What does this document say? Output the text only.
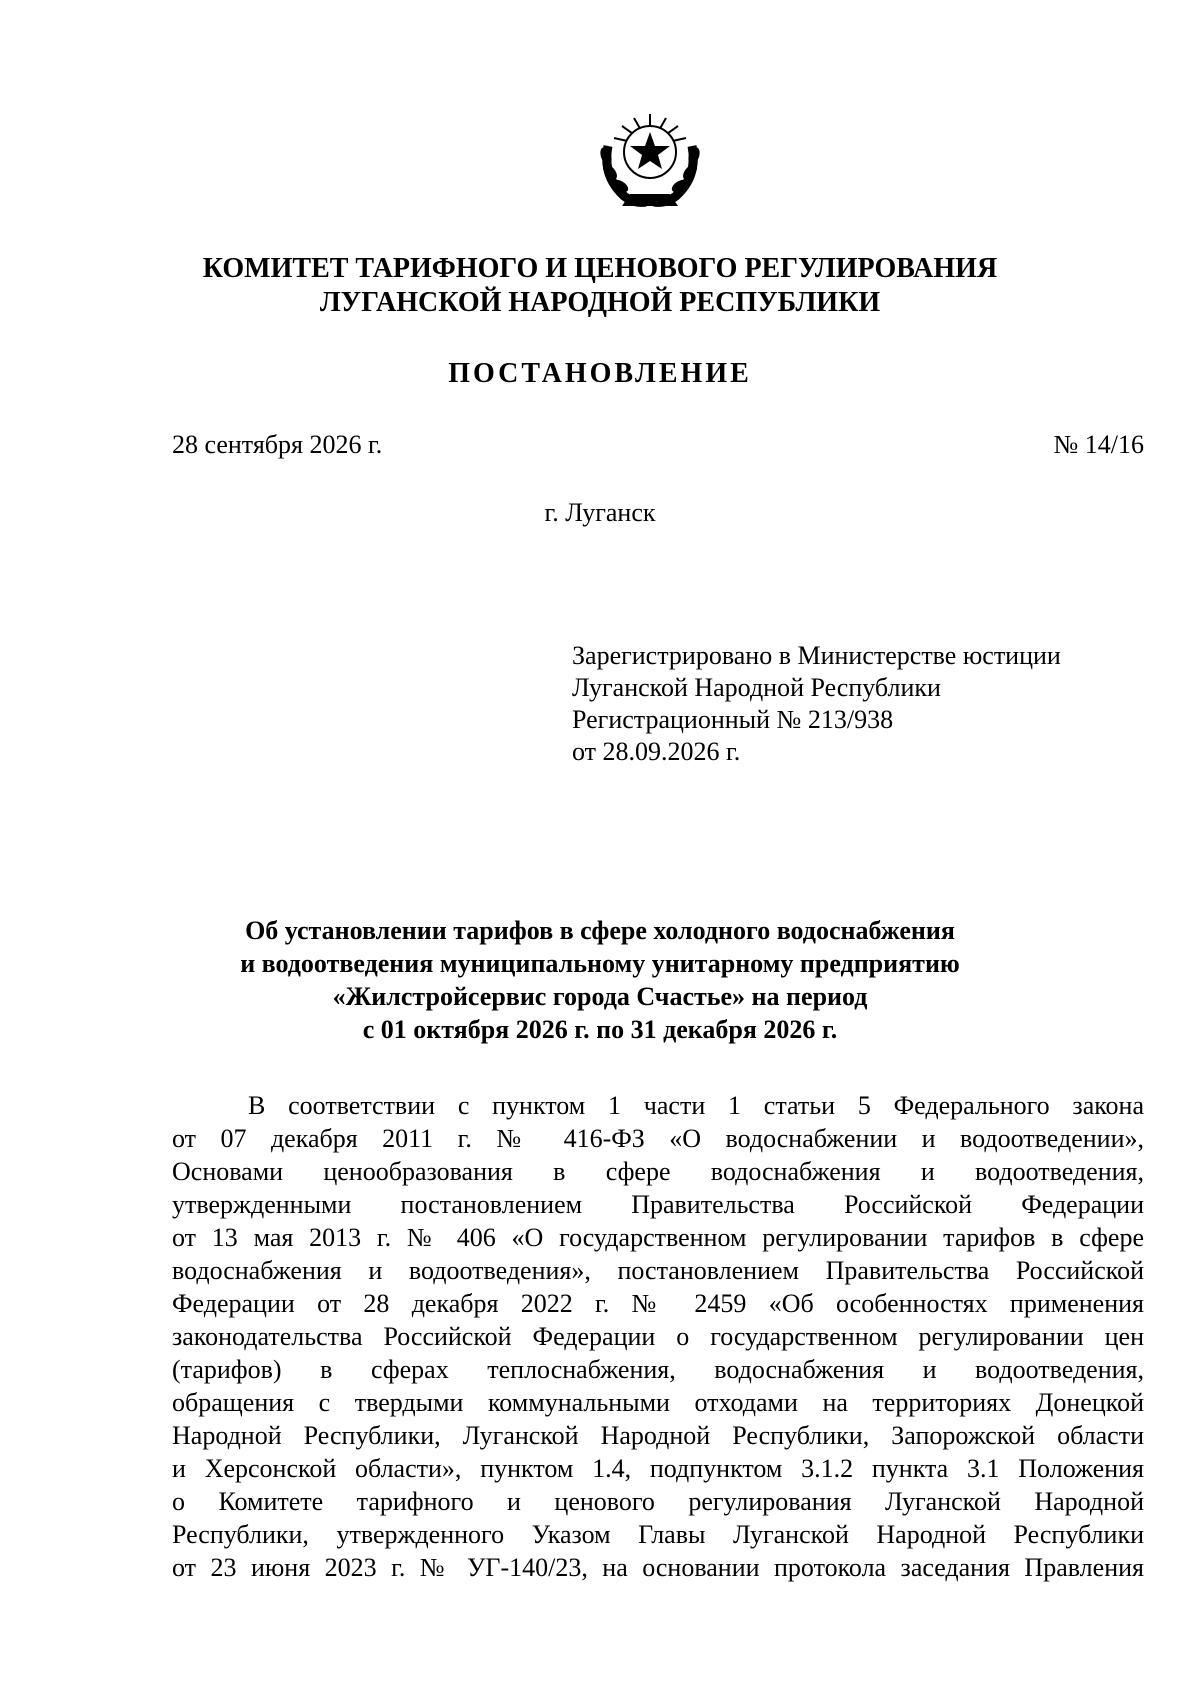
КОМИТЕТ ТАРИФНОГО И ЦЕНОВОГО РЕГУЛИРОВАНИЯ
ЛУГАНСКОЙ НАРОДНОЙ РЕСПУБЛИКИ
ПОСТАНОВЛЕНИЕ
28 сентября 2026 г.	№ 14/16
г. Луганск
Зарегистрировано в Министерстве юстиции
Луганской Народной Республики
Регистрационный № 213/938
от 28.09.2026 г.
Об установлении тарифов в сфере холодного водоснабжения
и водоотведения муниципальному унитарному предприятию
«Жилстройсервис города Счастье» на период
с 01 октября 2026 г. по 31 декабря 2026 г.
В соответствии с пунктом 1 части 1 статьи 5 Федерального закона
от 07 декабря 2011 г. № 416-ФЗ «О водоснабжении и водоотведении»,
Основами ценообразования в сфере водоснабжения и водоотведения,
утвержденными постановлением Правительства Российской Федерации
от 13 мая 2013 г. № 406 «О государственном регулировании тарифов в сфере
водоснабжения и водоотведения», постановлением Правительства Российской
Федерации от 28 декабря 2022 г. № 2459 «Об особенностях применения
законодательства Российской Федерации о государственном регулировании цен
(тарифов) в сферах теплоснабжения, водоснабжения и водоотведения,
обращения с твердыми коммунальными отходами на территориях Донецкой
Народной Республики, Луганской Народной Республики, Запорожской области
и Херсонской области», пунктом 1.4, подпунктом 3.1.2 пункта 3.1 Положения
о Комитете тарифного и ценового регулирования Луганской Народной
Республики, утвержденного Указом Главы Луганской Народной Республики
от 23 июня 2023 г. № УГ-140/23, на основании протокола заседания Правления
